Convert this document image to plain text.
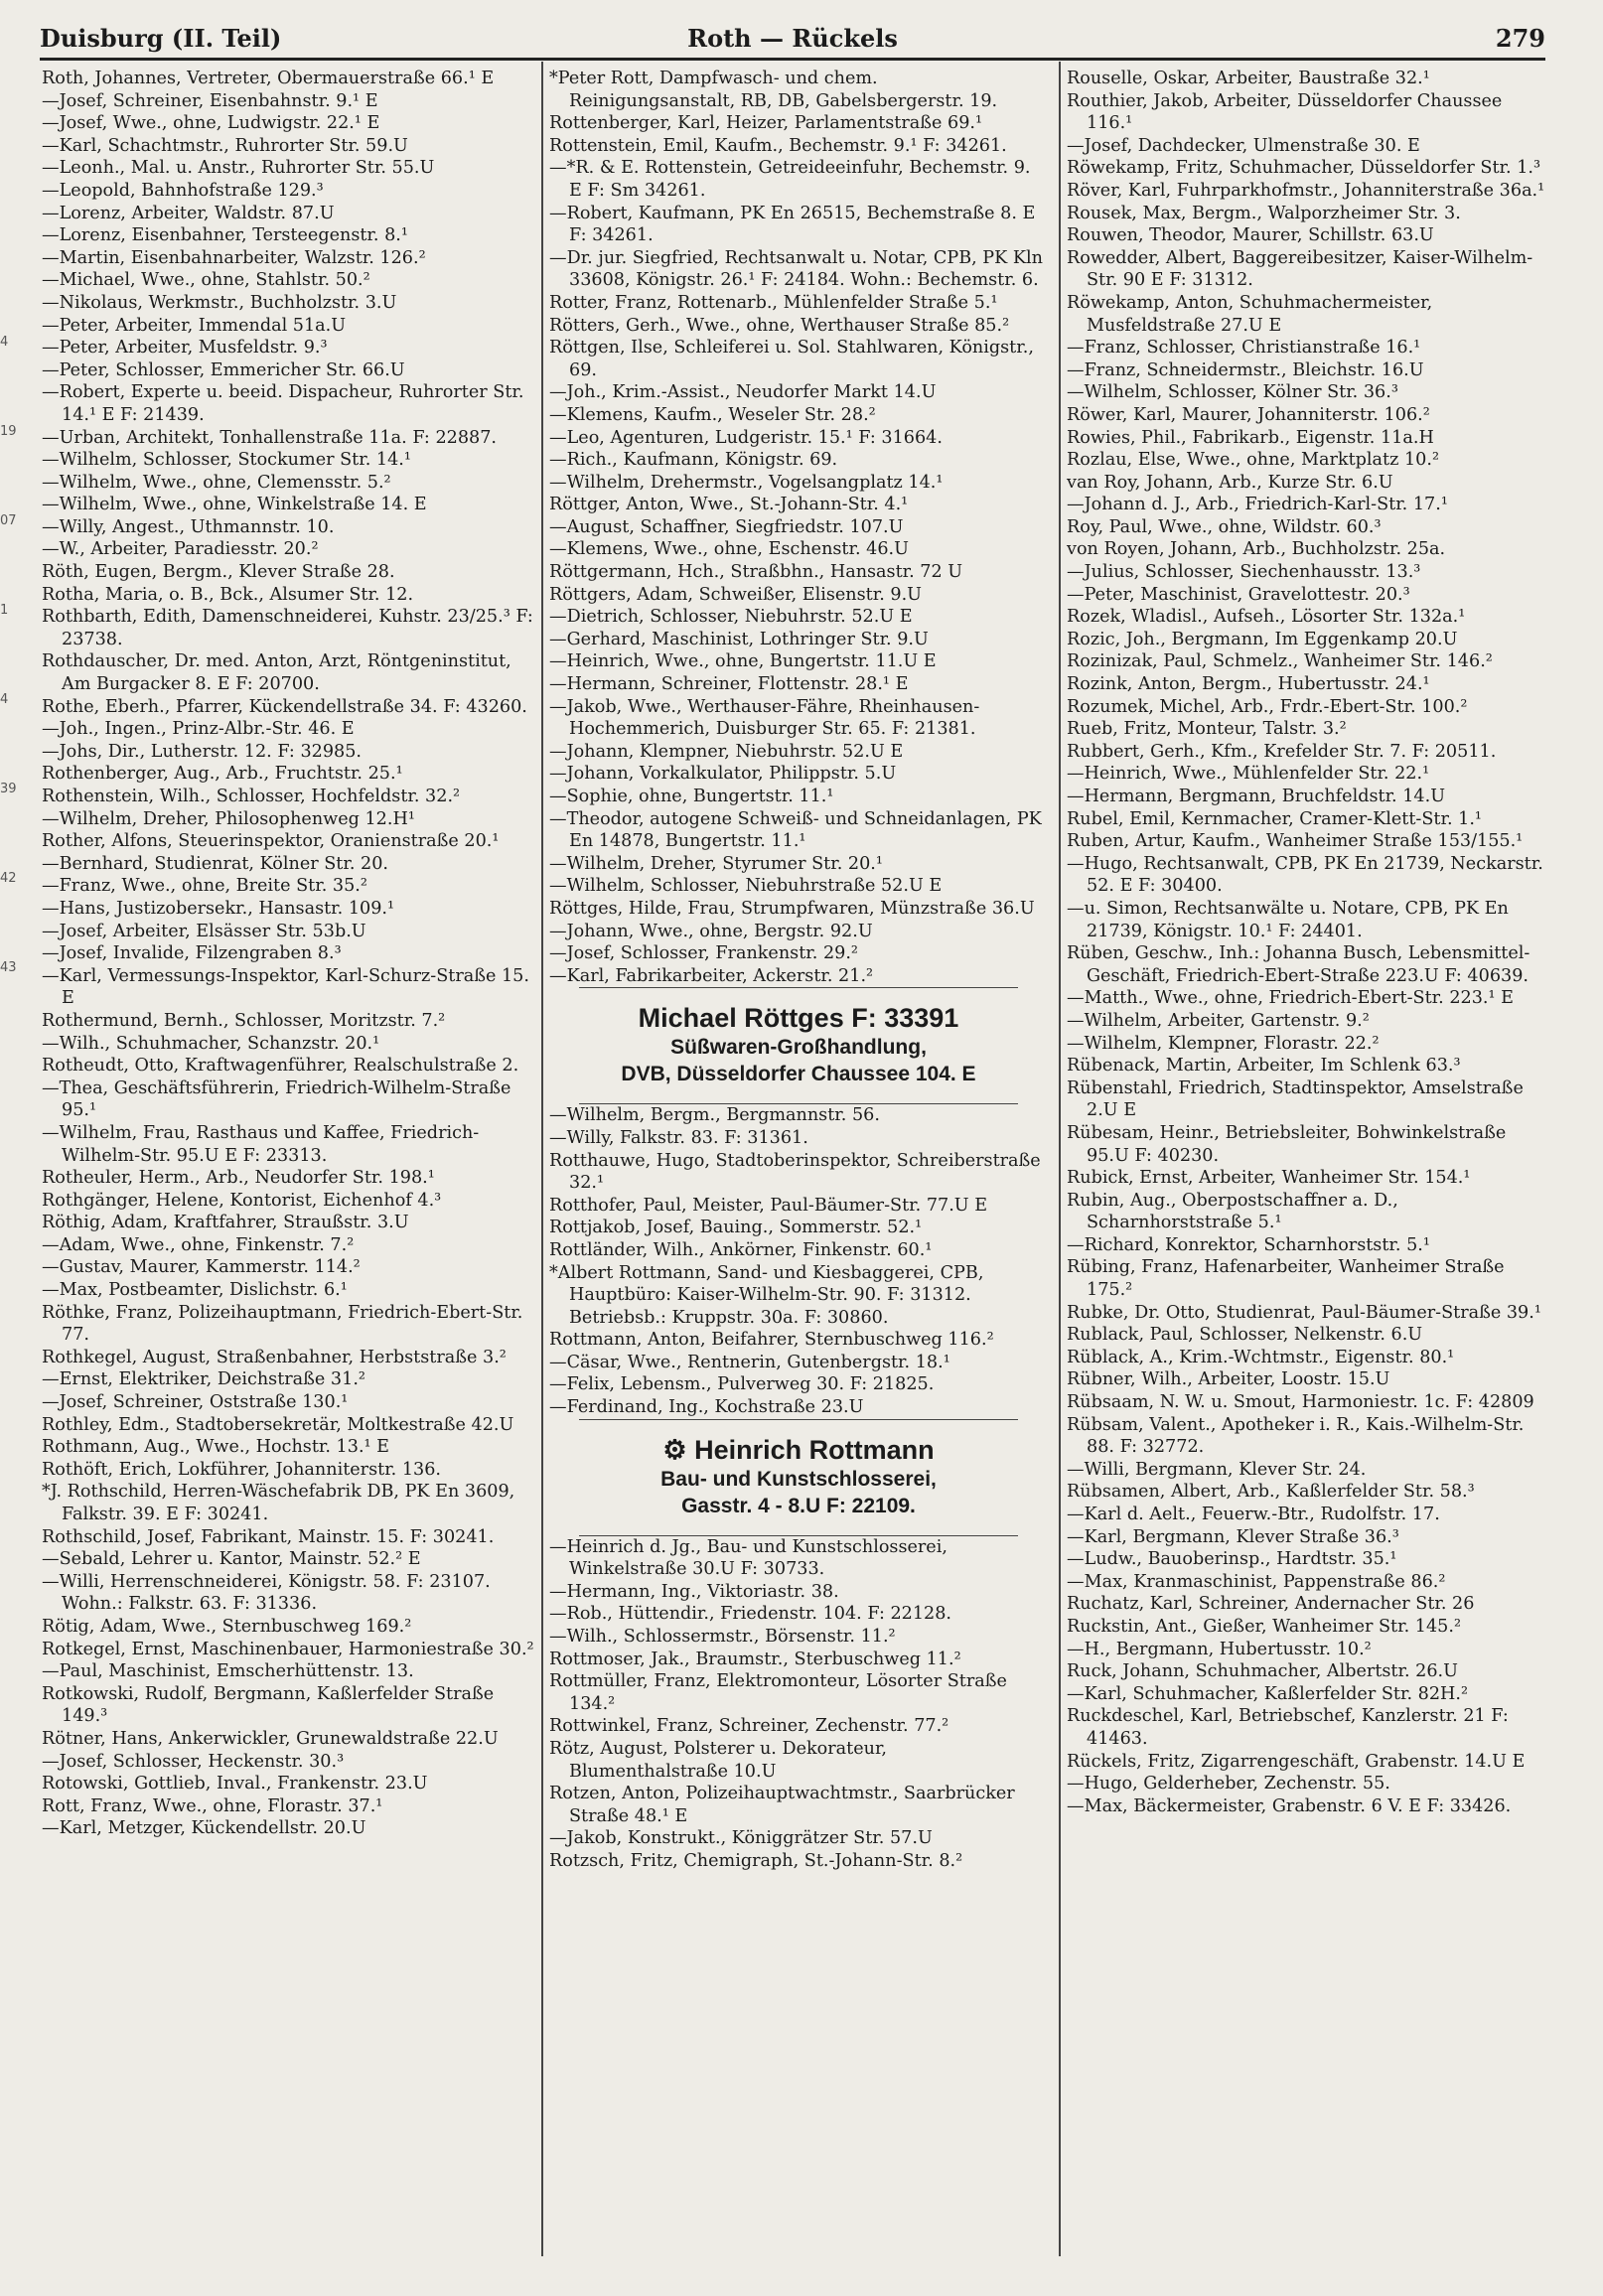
Duisburg (II. Teil)	Roth — Rückels	279

Roth, Johannes, Vertreter, Obermauerstraße 66.¹ E

—Josef, Schreiner, Eisenbahnstr. 9.¹ E

—Josef, Wwe., ohne, Ludwigstr. 22.¹ E

—Karl, Schachtmstr., Ruhrorter Str. 59.U

—Leonh., Mal. u. Anstr., Ruhrorter Str. 55.U

—Leopold, Bahnhofstraße 129.³

—Lorenz, Arbeiter, Waldstr. 87.U

—Lorenz, Eisenbahner, Tersteegenstr. 8.¹

—Martin, Eisenbahnarbeiter, Walzstr. 126.²

—Michael, Wwe., ohne, Stahlstr. 50.²

—Nikolaus, Werkmstr., Buchholzstr. 3.U

—Peter, Arbeiter, Immendal 51a.U

—Peter, Arbeiter, Musfeldstr. 9.³

—Peter, Schlosser, Emmericher Str. 66.U

—Robert, Experte u. beeid. Dispacheur, Ruhrorter Str. 14.¹ E F: 21439.

—Urban, Architekt, Tonhallenstraße 11a. F: 22887.

—Wilhelm, Schlosser, Stockumer Str. 14.¹

—Wilhelm, Wwe., ohne, Clemensstr. 5.²

—Wilhelm, Wwe., ohne, Winkelstraße 14. E

—Willy, Angest., Uthmannstr. 10.

—W., Arbeiter, Paradiesstr. 20.²

Röth, Eugen, Bergm., Klever Straße 28.

Rotha, Maria, o. B., Bck., Alsumer Str. 12.

Rothbarth, Edith, Damenschneiderei, Kuhstr. 23/25.³ F: 23738.

Rothdauscher, Dr. med. Anton, Arzt, Röntgeninstitut, Am Burgacker 8. E F: 20700.

Rothe, Eberh., Pfarrer, Kückendellstraße 34. F: 43260.

—Joh., Ingen., Prinz-Albr.-Str. 46. E

—Johs, Dir., Lutherstr. 12. F: 32985.

Rothenberger, Aug., Arb., Fruchtstr. 25.¹

Rothenstein, Wilh., Schlosser, Hochfeldstr. 32.²

—Wilhelm, Dreher, Philosophenweg 12.H¹

Rother, Alfons, Steuerinspektor, Oranienstraße 20.¹

—Bernhard, Studienrat, Kölner Str. 20.

—Franz, Wwe., ohne, Breite Str. 35.²

—Hans, Justizobersekr., Hansastr. 109.¹

—Josef, Arbeiter, Elsässer Str. 53b.U

—Josef, Invalide, Filzengraben 8.³

—Karl, Vermessungs-Inspektor, Karl-Schurz-Straße 15. E

Rothermund, Bernh., Schlosser, Moritzstr. 7.²

—Wilh., Schuhmacher, Schanzstr. 20.¹

Rotheudt, Otto, Kraftwagenführer, Realschulstraße 2.

—Thea, Geschäftsführerin, Friedrich-Wilhelm-Straße 95.¹

—Wilhelm, Frau, Rasthaus und Kaffee, Friedrich-Wilhelm-Str. 95.U E F: 23313.

Rotheuler, Herm., Arb., Neudorfer Str. 198.¹

Rothgänger, Helene, Kontorist, Eichenhof 4.³

Röthig, Adam, Kraftfahrer, Straußstr. 3.U

—Adam, Wwe., ohne, Finkenstr. 7.²

—Gustav, Maurer, Kammerstr. 114.²

—Max, Postbeamter, Dislichstr. 6.¹

Röthke, Franz, Polizeihauptmann, Friedrich-Ebert-Str. 77.

Rothkegel, August, Straßenbahner, Herbststraße 3.²

—Ernst, Elektriker, Deichstraße 31.²

—Josef, Schreiner, Oststraße 130.¹

Rothley, Edm., Stadtobersekretär, Moltkestraße 42.U

Rothmann, Aug., Wwe., Hochstr. 13.¹ E

Rothöft, Erich, Lokführer, Johanniterstr. 136.

*J. Rothschild, Herren-Wäschefabrik DB, PK En 3609, Falkstr. 39. E F: 30241.

Rothschild, Josef, Fabrikant, Mainstr. 15. F: 30241.

—Sebald, Lehrer u. Kantor, Mainstr. 52.² E

—Willi, Herrenschneiderei, Königstr. 58. F: 23107. Wohn.: Falkstr. 63. F: 31336.

Rötig, Adam, Wwe., Sternbuschweg 169.²

Rotkegel, Ernst, Maschinenbauer, Harmoniestraße 30.²

—Paul, Maschinist, Emscherhüttenstr. 13.

Rotkowski, Rudolf, Bergmann, Kaßlerfelder Straße 149.³

Rötner, Hans, Ankerwickler, Grunewaldstraße 22.U

—Josef, Schlosser, Heckenstr. 30.³

Rotowski, Gottlieb, Inval., Frankenstr. 23.U

Rott, Franz, Wwe., ohne, Florastr. 37.¹

—Karl, Metzger, Kückendellstr. 20.U

*Peter Rott, Dampfwasch- und chem. Reinigungsanstalt, RB, DB, Gabelsbergerstr. 19.

Rottenberger, Karl, Heizer, Parlamentstraße 69.¹

Rottenstein, Emil, Kaufm., Bechemstr. 9.¹ F: 34261.

—*R. & E. Rottenstein, Getreideeinfuhr, Bechemstr. 9. E F: Sm 34261.

—Robert, Kaufmann, PK En 26515, Bechemstraße 8. E F: 34261.

—Dr. jur. Siegfried, Rechtsanwalt u. Notar, CPB, PK Kln 33608, Königstr. 26.¹ F: 24184. Wohn.: Bechemstr. 6.

Rotter, Franz, Rottenarb., Mühlenfelder Straße 5.¹

Rötters, Gerh., Wwe., ohne, Werthauser Straße 85.²

Röttgen, Ilse, Schleiferei u. Sol. Stahlwaren, Königstr., 69.

—Joh., Krim.-Assist., Neudorfer Markt 14.U

—Klemens, Kaufm., Weseler Str. 28.²

—Leo, Agenturen, Ludgeristr. 15.¹ F: 31664.

—Rich., Kaufmann, Königstr. 69.

—Wilhelm, Drehermstr., Vogelsangplatz 14.¹

Röttger, Anton, Wwe., St.-Johann-Str. 4.¹

—August, Schaffner, Siegfriedstr. 107.U

—Klemens, Wwe., ohne, Eschenstr. 46.U

Röttgermann, Hch., Straßbhn., Hansastr. 72 U

Röttgers, Adam, Schweißer, Elisenstr. 9.U

—Dietrich, Schlosser, Niebuhrstr. 52.U E

—Gerhard, Maschinist, Lothringer Str. 9.U

—Heinrich, Wwe., ohne, Bungertstr. 11.U E

—Hermann, Schreiner, Flottenstr. 28.¹ E

—Jakob, Wwe., Werthauser-Fähre, Rheinhausen-Hochemmerich, Duisburger Str. 65. F: 21381.

—Johann, Klempner, Niebuhrstr. 52.U E

—Johann, Vorkalkulator, Philippstr. 5.U

—Sophie, ohne, Bungertstr. 11.¹

—Theodor, autogene Schweiß- und Schneidanlagen, PK En 14878, Bungertstr. 11.¹

—Wilhelm, Dreher, Styrumer Str. 20.¹

—Wilhelm, Schlosser, Niebuhrstraße 52.U E

Röttges, Hilde, Frau, Strumpfwaren, Münzstraße 36.U

—Johann, Wwe., ohne, Bergstr. 92.U

—Josef, Schlosser, Frankenstr. 29.²

—Karl, Fabrikarbeiter, Ackerstr. 21.²

Michael Röttges F: 33391
Süßwaren-Großhandlung,
DVB, Düsseldorfer Chaussee 104. E

—Wilhelm, Bergm., Bergmannstr. 56.

—Willy, Falkstr. 83. F: 31361.

Rotthauwe, Hugo, Stadtoberinspektor, Schreiberstraße 32.¹

Rotthofer, Paul, Meister, Paul-Bäumer-Str. 77.U E

Rottjakob, Josef, Bauing., Sommerstr. 52.¹

Rottländer, Wilh., Ankörner, Finkenstr. 60.¹

*Albert Rottmann, Sand- und Kiesbaggerei, CPB, Hauptbüro: Kaiser-Wilhelm-Str. 90. F: 31312. Betriebsb.: Kruppstr. 30a. F: 30860.

Rottmann, Anton, Beifahrer, Sternbuschweg 116.²

—Cäsar, Wwe., Rentnerin, Gutenbergstr. 18.¹

—Felix, Lebensm., Pulverweg 30. F: 21825.

—Ferdinand, Ing., Kochstraße 23.U

⚙ Heinrich Rottmann
Bau- und Kunstschlosserei,
Gasstr. 4 - 8.U F: 22109.

—Heinrich d. Jg., Bau- und Kunstschlosserei, Winkelstraße 30.U F: 30733.

—Hermann, Ing., Viktoriastr. 38.

—Rob., Hüttendir., Friedenstr. 104. F: 22128.

—Wilh., Schlossermstr., Börsenstr. 11.²

Rottmoser, Jak., Braumstr., Sterbuschweg 11.²

Rottmüller, Franz, Elektromonteur, Lösorter Straße 134.²

Rottwinkel, Franz, Schreiner, Zechenstr. 77.²

Rötz, August, Polsterer u. Dekorateur, Blumenthalstraße 10.U

Rotzen, Anton, Polizeihauptwachtmstr., Saarbrücker Straße 48.¹ E

—Jakob, Konstrukt., Königgrätzer Str. 57.U

Rotzsch, Fritz, Chemigraph, St.-Johann-Str. 8.²

Rouselle, Oskar, Arbeiter, Baustraße 32.¹

Routhier, Jakob, Arbeiter, Düsseldorfer Chaussee 116.¹

—Josef, Dachdecker, Ulmenstraße 30. E

Röwekamp, Fritz, Schuhmacher, Düsseldorfer Str. 1.³

Röver, Karl, Fuhrparkhofmstr., Johanniterstraße 36a.¹

Rousek, Max, Bergm., Walporzheimer Str. 3.

Rouwen, Theodor, Maurer, Schillstr. 63.U

Rowedder, Albert, Baggereibesitzer, Kaiser-Wilhelm-Str. 90 E F: 31312.

Röwekamp, Anton, Schuhmachermeister, Musfeldstraße 27.U E

—Franz, Schlosser, Christianstraße 16.¹

—Franz, Schneidermstr., Bleichstr. 16.U

—Wilhelm, Schlosser, Kölner Str. 36.³

Röwer, Karl, Maurer, Johanniterstr. 106.²

Rowies, Phil., Fabrikarb., Eigenstr. 11a.H

Rozlau, Else, Wwe., ohne, Marktplatz 10.²

van Roy, Johann, Arb., Kurze Str. 6.U

—Johann d. J., Arb., Friedrich-Karl-Str. 17.¹

Roy, Paul, Wwe., ohne, Wildstr. 60.³

von Royen, Johann, Arb., Buchholzstr. 25a.

—Julius, Schlosser, Siechenhausstr. 13.³

—Peter, Maschinist, Gravelottestr. 20.³

Rozek, Wladisl., Aufseh., Lösorter Str. 132a.¹

Rozic, Joh., Bergmann, Im Eggenkamp 20.U

Rozinizak, Paul, Schmelz., Wanheimer Str. 146.²

Rozink, Anton, Bergm., Hubertusstr. 24.¹

Rozumek, Michel, Arb., Frdr.-Ebert-Str. 100.²

Rueb, Fritz, Monteur, Talstr. 3.²

Rubbert, Gerh., Kfm., Krefelder Str. 7. F: 20511.

—Heinrich, Wwe., Mühlenfelder Str. 22.¹

—Hermann, Bergmann, Bruchfeldstr. 14.U

Rubel, Emil, Kernmacher, Cramer-Klett-Str. 1.¹

Ruben, Artur, Kaufm., Wanheimer Straße 153/155.¹

—Hugo, Rechtsanwalt, CPB, PK En 21739, Neckarstr. 52. E F: 30400.

—u. Simon, Rechtsanwälte u. Notare, CPB, PK En 21739, Königstr. 10.¹ F: 24401.

Rüben, Geschw., Inh.: Johanna Busch, Lebensmittel-Geschäft, Friedrich-Ebert-Straße 223.U F: 40639.

—Matth., Wwe., ohne, Friedrich-Ebert-Str. 223.¹ E

—Wilhelm, Arbeiter, Gartenstr. 9.²

—Wilhelm, Klempner, Florastr. 22.²

Rübenack, Martin, Arbeiter, Im Schlenk 63.³

Rübenstahl, Friedrich, Stadtinspektor, Amselstraße 2.U E

Rübesam, Heinr., Betriebsleiter, Bohwinkelstraße 95.U F: 40230.

Rubick, Ernst, Arbeiter, Wanheimer Str. 154.¹

Rubin, Aug., Oberpostschaffner a. D., Scharnhorststraße 5.¹

—Richard, Konrektor, Scharnhorststr. 5.¹

Rübing, Franz, Hafenarbeiter, Wanheimer Straße 175.²

Rubke, Dr. Otto, Studienrat, Paul-Bäumer-Straße 39.¹

Rublack, Paul, Schlosser, Nelkenstr. 6.U

Rüblack, A., Krim.-Wchtmstr., Eigenstr. 80.¹

Rübner, Wilh., Arbeiter, Loostr. 15.U

Rübsaam, N. W. u. Smout, Harmoniestr. 1c. F: 42809

Rübsam, Valent., Apotheker i. R., Kais.-Wilhelm-Str. 88. F: 32772.

—Willi, Bergmann, Klever Str. 24.

Rübsamen, Albert, Arb., Kaßlerfelder Str. 58.³

—Karl d. Aelt., Feuerw.-Btr., Rudolfstr. 17.

—Karl, Bergmann, Klever Straße 36.³

—Ludw., Bauoberinsp., Hardtstr. 35.¹

—Max, Kranmaschinist, Pappenstraße 86.²

Ruchatz, Karl, Schreiner, Andernacher Str. 26

Ruckstin, Ant., Gießer, Wanheimer Str. 145.²

—H., Bergmann, Hubertusstr. 10.²

Ruck, Johann, Schuhmacher, Albertstr. 26.U

—Karl, Schuhmacher, Kaßlerfelder Str. 82H.²

Ruckdeschel, Karl, Betriebschef, Kanzlerstr. 21 F: 41463.

Rückels, Fritz, Zigarrengeschäft, Grabenstr. 14.U E

—Hugo, Gelderheber, Zechenstr. 55.

—Max, Bäckermeister, Grabenstr. 6 V. E F: 33426.

4
19
07
1
4
39
42
43
